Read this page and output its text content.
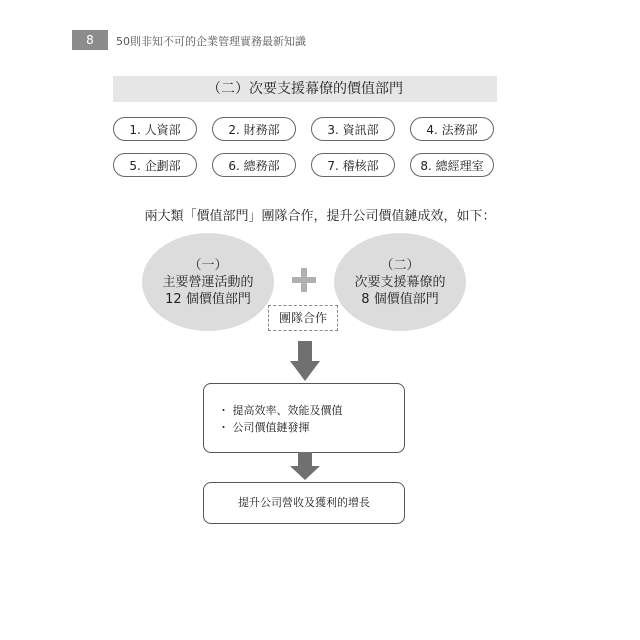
8	50則非知不可的企業管理實務最新知識
（二）次要支援幕僚的價值部門
1. 人資部	2. 財務部	3. 資訊部	4. 法務部
5. 企劃部	6. 總務部	7. 稽核部	8. 總經理室
兩大類「價值部門」團隊合作，提升公司價值鏈成效，如下：
（一）
主要營運活動的
12 個價值部門
（二）
次要支援幕僚的
8 個價值部門
團隊合作
・ 提高效率、效能及價值
・ 公司價值鏈發揮
提升公司營收及獲利的增長
